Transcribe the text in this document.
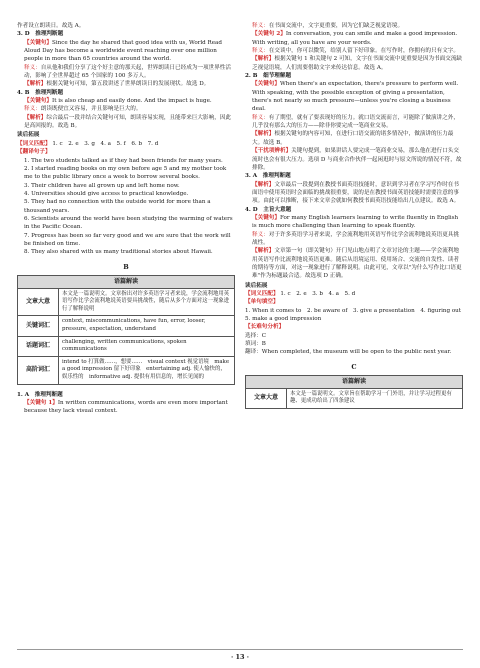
作者设立朗读日。故选 A。
3. D　推理判断题
【关键句】Since the day he shared that good idea with us, World Read Aloud Day has become a worldwide event reaching over one million people in more than 65 countries around the world.
释义：自从他和我们分享了这个好主意的那天起，世界朗读日已经成为一项世界性活动，影响了全世界超过 65 个国家的 100 多万人。
【解析】根据关键句可知，第五段讲述了世界朗读日的发展现状。故选 D。
4. B　推理判断题
【关键句】It is also cheap and easily done. And the impact is huge.
释义：朗读既便宜又容易，并且影响是巨大的。
【解析】综合最后一段并结合关键句可知，朗读容易实现，且能带来巨大影响，因此是高回报的。故选 B。
读后拓展
【词义匹配】 1. c　2. e　3. g　4. a　5. f　6. b　7. d
【翻译句子】
1. The two students talked as if they had been friends for many years.
2. I started reading books on my own before age 5 and my mother took me to the public library once a week to borrow several books.
3. Their children have all grown up and left home now.
4. Universities should give access to practical knowledge.
5. They had no connection with the outside world for more than a thousand years.
6. Scientists around the world have been studying the warming of waters in the Pacific Ocean.
7. Progress has been so far very good and we are sure that the work will be finished on time.
8. They also shared with us many traditional stories about Hawaii.
B
语篇解读	
文章大意	本文是一篇说明文。文章指出对许多英语学习者来说，学会流利地用英语写作比学会流利地说英语要具挑战性，随后从多个方面对这一现象进行了解释说明
关键词汇	context, miscommunications, have fun, error, looser, pressure, expectation, understand
话题词汇	challenging, written communications, spoken communications
高阶词汇	intend to 打算做……，想要……　visual context 视觉语境　make a good impression 留下好印象　entertaining adj. 使人愉快的，娱乐性的　informative adj. 提供有用信息的，增长见闻的
1. A　推理判断题
【关键句 1】In written communications, words are even more important because they lack visual context.
释义：在书面交流中，文字更重要，因为它们缺乏视觉语境。
【关键句 2】In conversation, you can smile and make a good impression. With writing, all you have are your words.
释义：在交谈中，你可以微笑，给别人留下好印象。在写作时，你拥有的只有文字。
【解析】根据关键句 1 和关键句 2 可知，文字在书面交流中更重要是因为书面交流缺乏视觉语境，人们需要借助文字来传达信息。故选 A。
2. B　细节理解题
【关键句】When there's an expectation, there's pressure to perform well. With speaking, with the possible exception of giving a presentation, there's not nearly so much pressure—unless you're closing a business deal.
释义：有了期望，就有了要表现好的压力。就口语交流而言，可能除了做演讲之外，几乎没有那么大的压力——除非你要完成一笔商业交易。
【解析】根据关键句的内容可知，在进行口语交流的诸多情况中，做演讲的压力最大。故选 B。
【干扰项辨析】关键句提到，如果讲话人要完成一笔商业交易，那么他在进行口头交流时也会有很大压力。选项 D 与商业合作伙伴一起闲逛时与原文所说的情况不符，故排除。
3. A　推理判断题
【解析】文章最后一段提到在教授书面英语技能时，意识到学习者在学习写作时在书面语中使用英语时会面临的挑战很重要，说的是在教授书面英语技能时需要注意的事项。由此可以推断，接下来文章会就如何教授书面英语技能给出几点建议。故选 A。
4. D　主旨大意题
【关键句】For many English learners learning to write fluently in English is much more challenging than learning to speak fluently.
释义：对于许多英语学习者来说，学会流利地用英语写作比学会流利地说英语更具挑战性。
【解析】文章第一句（即关键句）开门见山地点明了文章讨论的主题——学会流利地用英语写作比流利地说英语更难。随后从语境运用、使用场合、交流的自发性、读者的期待等方面，对这一现象进行了解释说明。由此可见，文章以"为什么写作比口语更难"作为标题最合适。故选项 D 正确。
读后拓展
【词义匹配】 1. c　2. e　3. b　4. a　5. d
【单句填空】
1. When it comes to　2. be aware of　3. give a presentation　4. figuring out　5. make a good impression
【长难句分析】
选择：C
填词：B
翻译：When completed, the museum will be open to the public next year.
C
语篇解读
文章大意	本文是一篇说明文。文章旨在帮助学习一门外语，并让学习过程更有趣、更成功给出了四条建议
· 13 ·
